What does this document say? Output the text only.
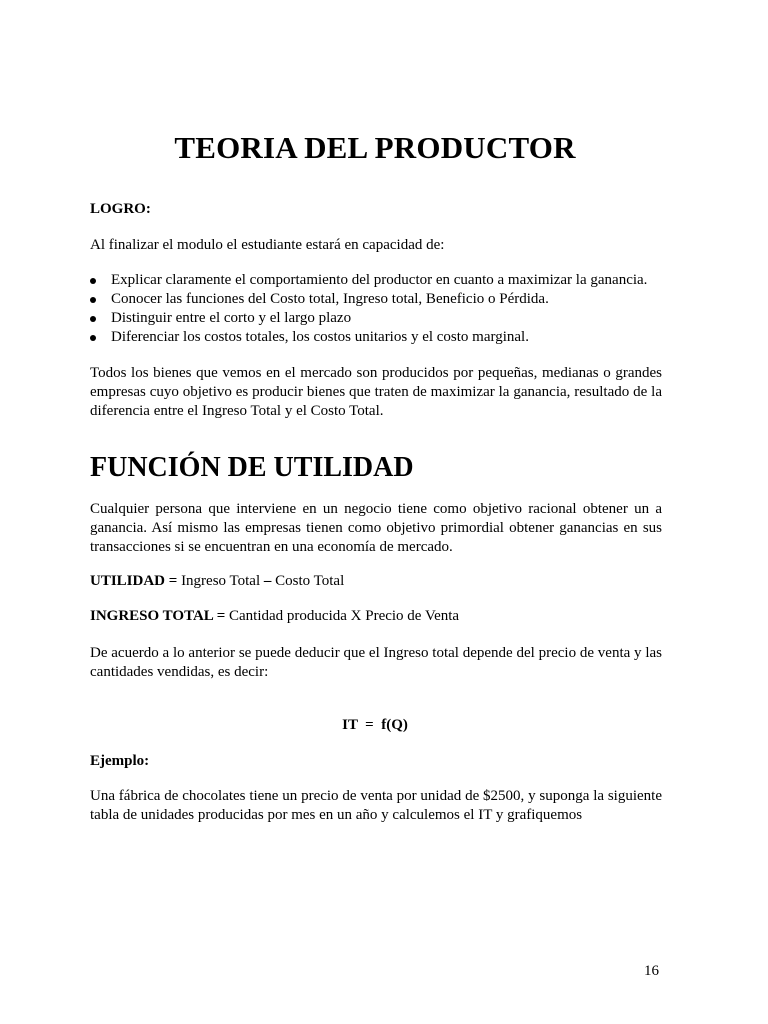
TEORIA DEL PRODUCTOR
LOGRO:
Al finalizar el modulo el estudiante estará en capacidad de:
Explicar claramente el comportamiento del productor en cuanto a maximizar la ganancia.
Conocer las funciones del Costo total, Ingreso total, Beneficio o Pérdida.
Distinguir entre el corto y el largo plazo
Diferenciar los costos totales, los costos unitarios y el costo marginal.
Todos los bienes que vemos en el mercado son producidos por pequeñas, medianas o grandes empresas cuyo objetivo es producir bienes que traten de maximizar la ganancia, resultado de la diferencia entre el Ingreso Total y el Costo Total.
FUNCIÓN DE UTILIDAD
Cualquier persona que interviene en un negocio tiene como objetivo racional obtener un a ganancia. Así mismo las empresas tienen como objetivo primordial obtener ganancias en sus transacciones si se encuentran en una economía de mercado.
UTILIDAD = Ingreso Total – Costo Total
INGRESO TOTAL = Cantidad producida X Precio de Venta
De acuerdo a lo anterior se puede deducir que el Ingreso total depende del precio de venta y las cantidades vendidas, es decir:
IT  =  f(Q)
Ejemplo:
Una fábrica de chocolates tiene un precio de venta por unidad de $2500, y suponga la siguiente tabla de unidades producidas por mes en un año y calculemos el IT y grafiquemos
16
